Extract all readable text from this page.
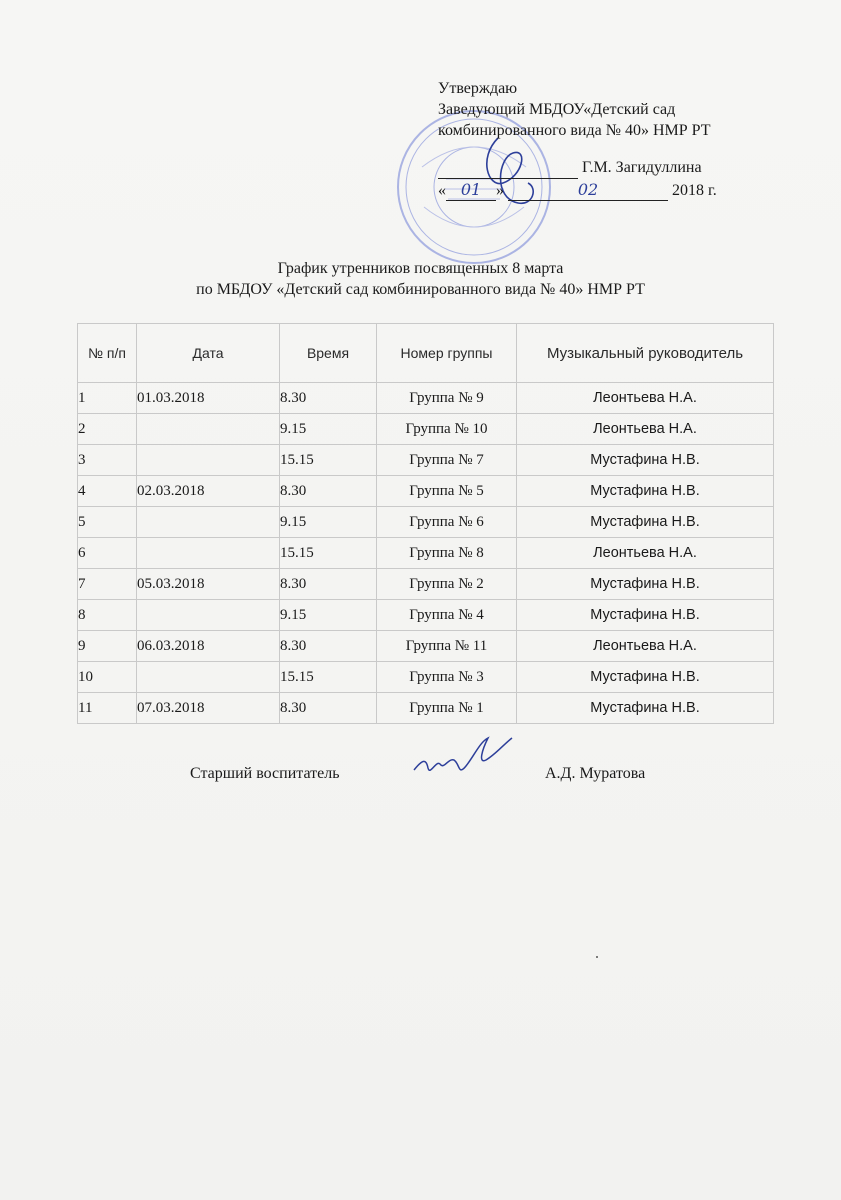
Утверждаю
Заведующий МБДОУ«Детский сад
комбинированного вида № 40» НМР РТ
Г.М. Загидуллина
« 01 »	02	2018 г.
График утренников посвященных 8 марта
по МБДОУ «Детский сад комбинированного вида № 40» НМР РТ
№ п/п	Дата	Время	Номер группы	Музыкальный руководитель
1	01.03.2018	8.30	Группа № 9	Леонтьева Н.А.
2		9.15	Группа № 10	Леонтьева Н.А.
3		15.15	Группа № 7	Мустафина Н.В.
4	02.03.2018	8.30	Группа № 5	Мустафина Н.В.
5		9.15	Группа № 6	Мустафина Н.В.
6		15.15	Группа № 8	Леонтьева Н.А.
7	05.03.2018	8.30	Группа № 2	Мустафина Н.В.
8		9.15	Группа № 4	Мустафина Н.В.
9	06.03.2018	8.30	Группа № 11	Леонтьева Н.А.
10		15.15	Группа № 3	Мустафина Н.В.
11	07.03.2018	8.30	Группа № 1	Мустафина Н.В.
Старший воспитатель	А.Д. Муратова
